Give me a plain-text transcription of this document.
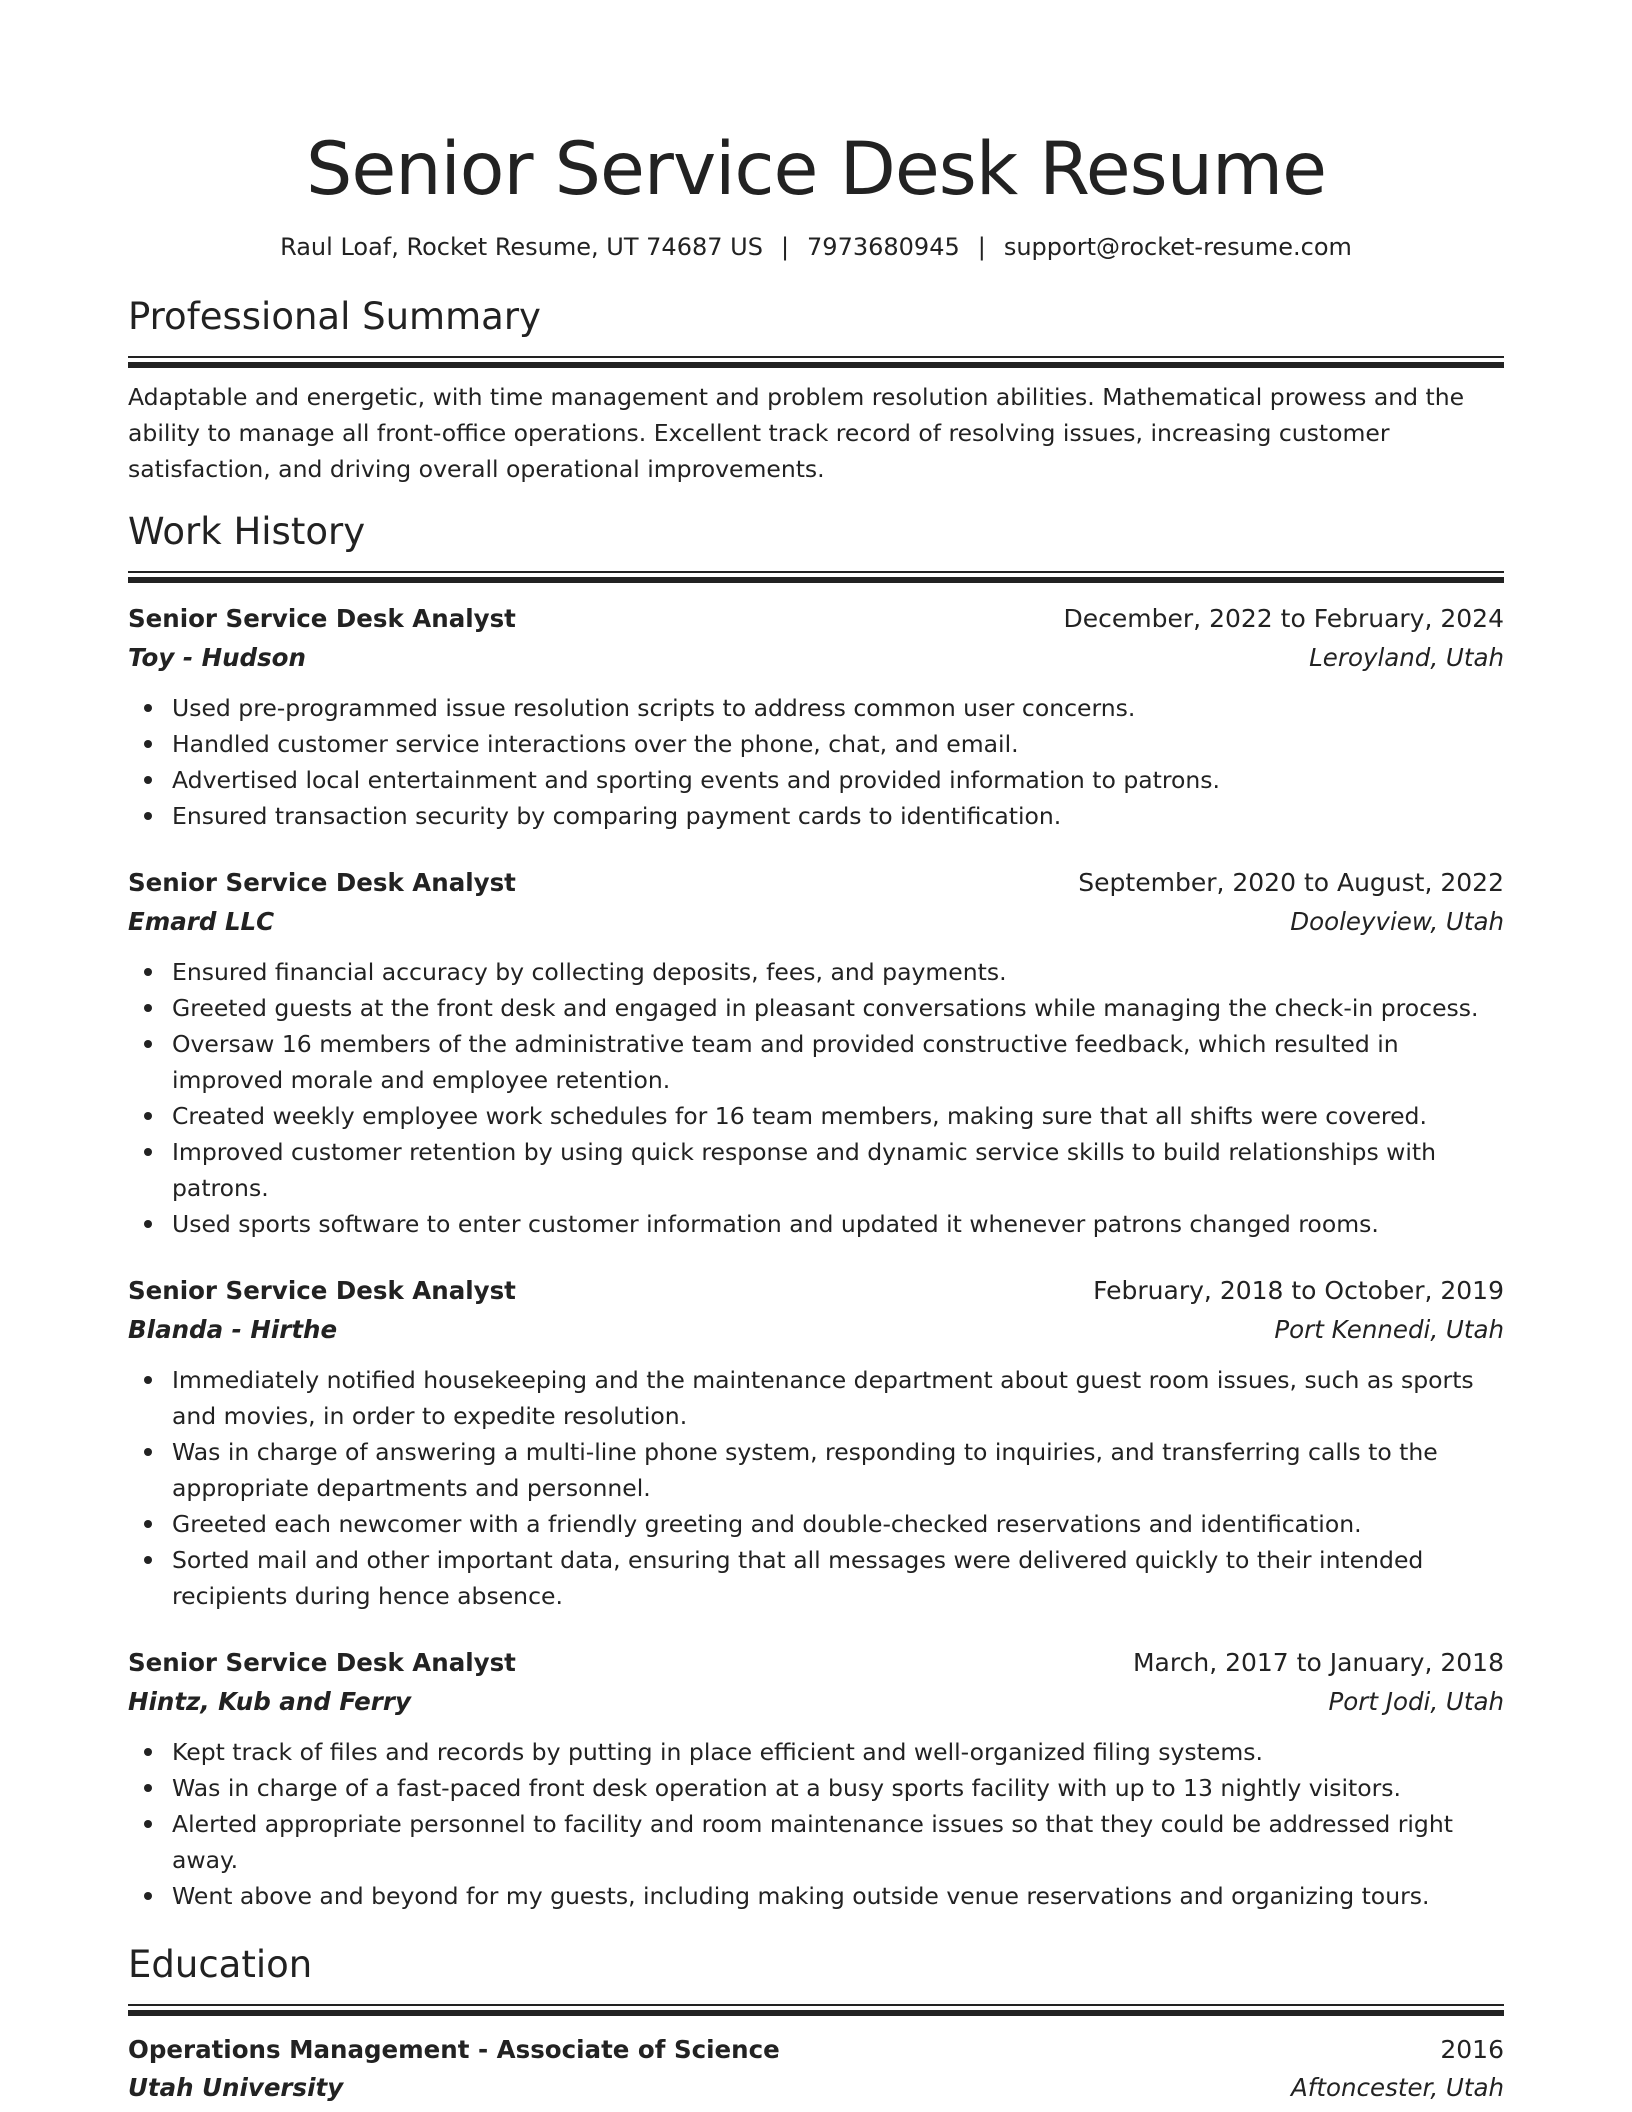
Senior Service Desk Resume
Raul Loaf, Rocket Resume, UT 74687 US | 7973680945 | support@rocket-resume.com
Professional Summary
Adaptable and energetic, with time management and problem resolution abilities. Mathematical prowess and the ability to manage all front-office operations. Excellent track record of resolving issues, increasing customer satisfaction, and driving overall operational improvements.
Work History
Senior Service Desk Analyst	December, 2022 to February, 2024
Toy - Hudson	Leroyland, Utah
Used pre-programmed issue resolution scripts to address common user concerns.
Handled customer service interactions over the phone, chat, and email.
Advertised local entertainment and sporting events and provided information to patrons.
Ensured transaction security by comparing payment cards to identification.
Senior Service Desk Analyst	September, 2020 to August, 2022
Emard LLC	Dooleyview, Utah
Ensured financial accuracy by collecting deposits, fees, and payments.
Greeted guests at the front desk and engaged in pleasant conversations while managing the check-in process.
Oversaw 16 members of the administrative team and provided constructive feedback, which resulted in improved morale and employee retention.
Created weekly employee work schedules for 16 team members, making sure that all shifts were covered.
Improved customer retention by using quick response and dynamic service skills to build relationships with patrons.
Used sports software to enter customer information and updated it whenever patrons changed rooms.
Senior Service Desk Analyst	February, 2018 to October, 2019
Blanda - Hirthe	Port Kennedi, Utah
Immediately notified housekeeping and the maintenance department about guest room issues, such as sports and movies, in order to expedite resolution.
Was in charge of answering a multi-line phone system, responding to inquiries, and transferring calls to the appropriate departments and personnel.
Greeted each newcomer with a friendly greeting and double-checked reservations and identification.
Sorted mail and other important data, ensuring that all messages were delivered quickly to their intended recipients during hence absence.
Senior Service Desk Analyst	March, 2017 to January, 2018
Hintz, Kub and Ferry	Port Jodi, Utah
Kept track of files and records by putting in place efficient and well-organized filing systems.
Was in charge of a fast-paced front desk operation at a busy sports facility with up to 13 nightly visitors.
Alerted appropriate personnel to facility and room maintenance issues so that they could be addressed right away.
Went above and beyond for my guests, including making outside venue reservations and organizing tours.
Education
Operations Management - Associate of Science	2016
Utah University	Aftoncester, Utah
